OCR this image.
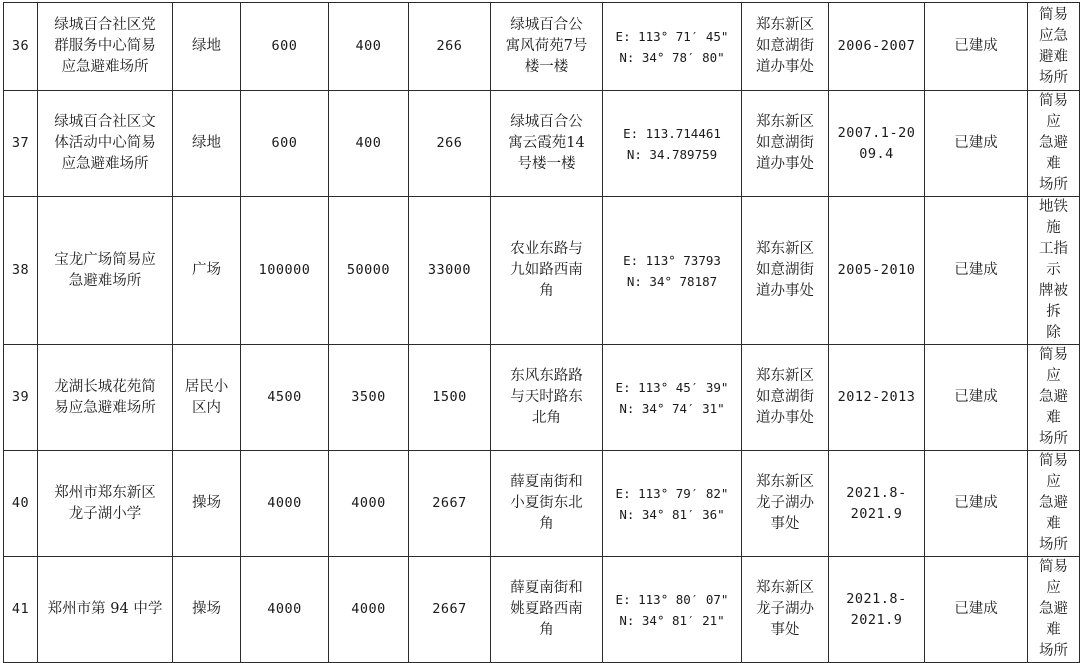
36	绿城百合社区党
群服务中心简易
应急避难场所	绿地	600	400	266	绿城百合公
寓风荷苑7号
楼一楼	E: 113° 71′ 45"
N: 34° 78′ 80"	郑东新区
如意湖街
道办事处	2006-2007	已建成	简易
应急
避难
场所

37	绿城百合社区文
体活动中心简易
应急避难场所	绿地	600	400	266	绿城百合公
寓云霞苑14
号楼一楼	E: 113.714461
N: 34.789759	郑东新区
如意湖街
道办事处	2007.1-20
09.4	已建成	简易应
急避难
场所

38	宝龙广场简易应
急避难场所	广场	100000	50000	33000	农业东路与
九如路西南
角	E: 113° 73793
N: 34° 78187	郑东新区
如意湖街
道办事处	2005-2010	已建成	地铁施
工指示
牌被拆
除

39	龙湖长城花苑简
易应急避难场所	居民小
区内	4500	3500	1500	东风东路路
与天时路东
北角	E: 113° 45′ 39"
N: 34° 74′ 31"	郑东新区
如意湖街
道办事处	2012-2013	已建成	简易应
急避难
场所

40	郑州市郑东新区
龙子湖小学	操场	4000	4000	2667	薛夏南街和
小夏街东北
角	E: 113° 79′ 82"
N: 34° 81′ 36"	郑东新区
龙子湖办
事处	2021.8-
2021.9	已建成	简易应
急避难
场所

41	郑州市第 94 中学	操场	4000	4000	2667	薛夏南街和
姚夏路西南
角	E: 113° 80′ 07"
N: 34° 81′ 21"	郑东新区
龙子湖办
事处	2021.8-
2021.9	已建成	简易应
急避难
场所
